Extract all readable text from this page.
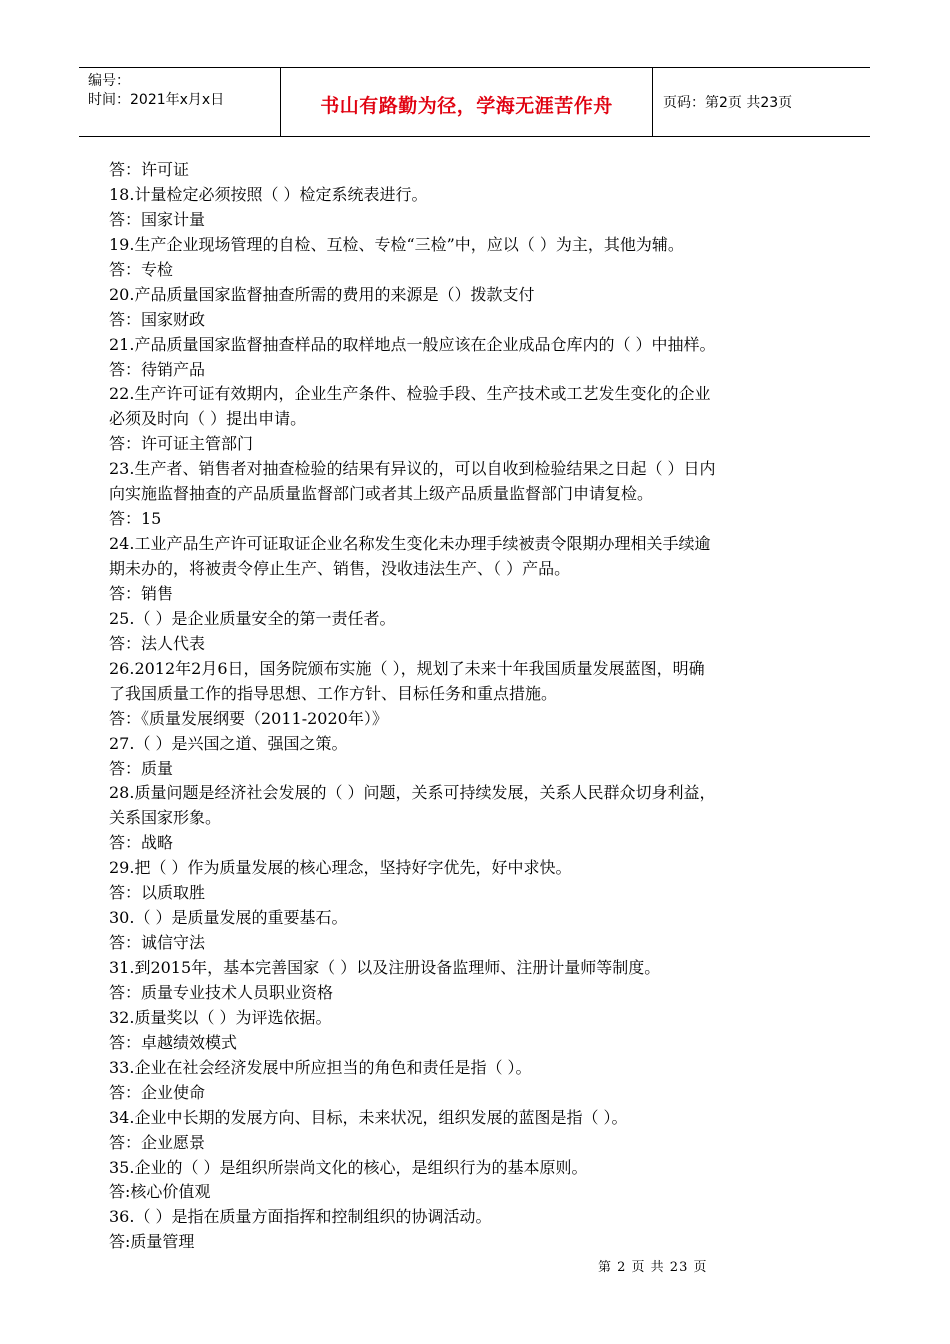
编号：
时间：2021年x月x日	书山有路勤为径，学海无涯苦作舟	页码：第2页 共23页
答：许可证
18.计量检定必须按照（ ）检定系统表进行。
答：国家计量
19.生产企业现场管理的自检、互检、专检“三检”中，应以（ ）为主，其他为辅。
答：专检
20.产品质量国家监督抽查所需的费用的来源是（）拨款支付
答：国家财政
21.产品质量国家监督抽查样品的取样地点一般应该在企业成品仓库内的（ ）中抽样。
答：待销产品
22.生产许可证有效期内，企业生产条件、检验手段、生产技术或工艺发生变化的企业
必须及时向（ ）提出申请。
答：许可证主管部门
23.生产者、销售者对抽查检验的结果有异议的，可以自收到检验结果之日起（ ）日内
向实施监督抽查的产品质量监督部门或者其上级产品质量监督部门申请复检。
答：15
24.工业产品生产许可证取证企业名称发生变化未办理手续被责令限期办理相关手续逾
期未办的，将被责令停止生产、销售，没收违法生产、（ ）产品。
答：销售
25.（ ）是企业质量安全的第一责任者。
答：法人代表
26.2012年2月6日，国务院颁布实施（ ），规划了未来十年我国质量发展蓝图，明确
了我国质量工作的指导思想、工作方针、目标任务和重点措施。
答：《质量发展纲要（2011-2020年）》
27.（ ）是兴国之道、强国之策。
答：质量
28.质量问题是经济社会发展的（ ）问题，关系可持续发展，关系人民群众切身利益，
关系国家形象。
答：战略
29.把（ ）作为质量发展的核心理念，坚持好字优先，好中求快。
答：以质取胜
30.（ ）是质量发展的重要基石。
答：诚信守法
31.到2015年，基本完善国家（ ）以及注册设备监理师、注册计量师等制度。
答：质量专业技术人员职业资格
32.质量奖以（ ）为评选依据。
答：卓越绩效模式
33.企业在社会经济发展中所应担当的角色和责任是指（ ）。
答：企业使命
34.企业中长期的发展方向、目标，未来状况，组织发展的蓝图是指（ ）。
答：企业愿景
35.企业的（ ）是组织所崇尚文化的核心，是组织行为的基本原则。
答:核心价值观
36.（ ）是指在质量方面指挥和控制组织的协调活动。
答:质量管理
第 2 页 共 23 页
